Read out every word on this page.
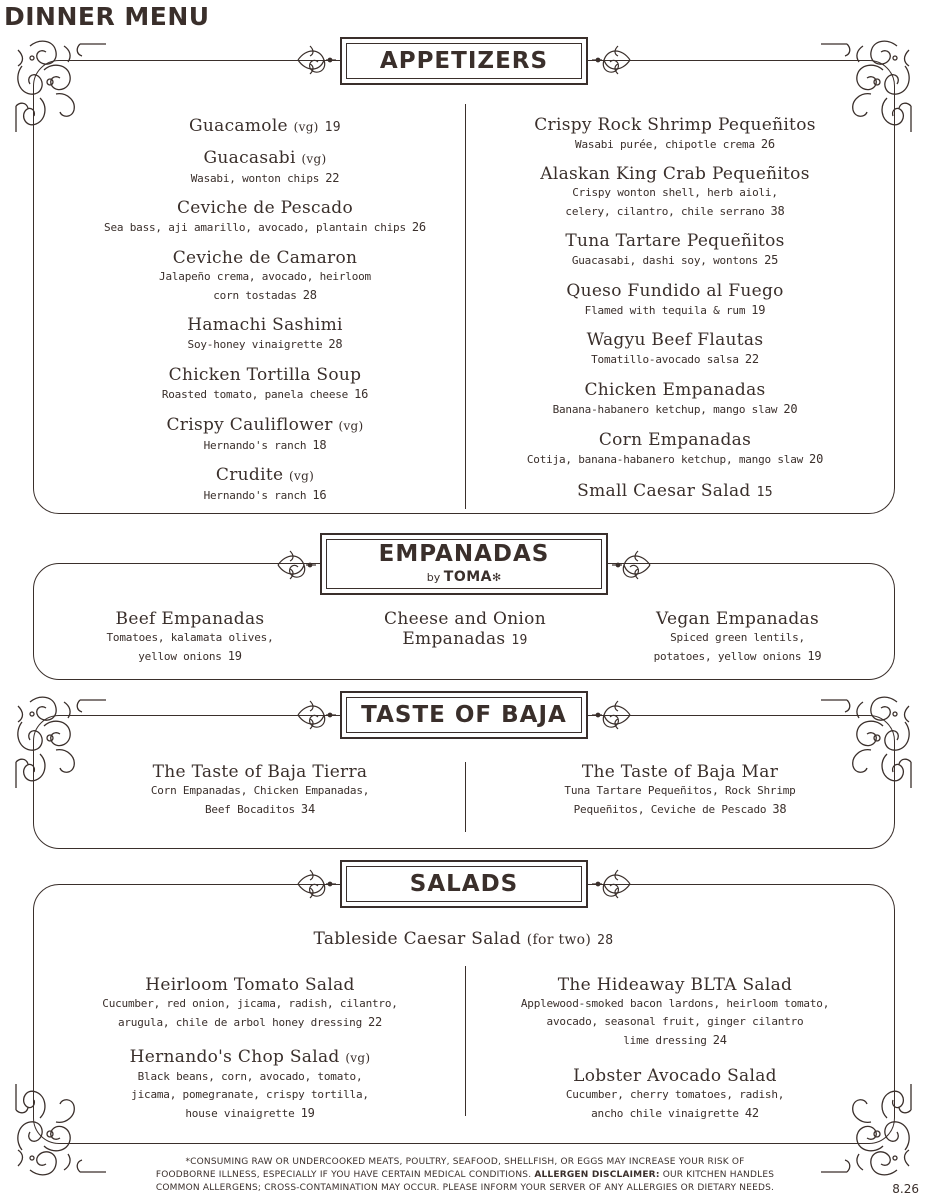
DINNER MENU
8.26
APPETIZERS
Guacamole (vg) 19
Guacasabi (vg)
Wasabi, wonton chips 22
Ceviche de Pescado
Sea bass, aji amarillo, avocado, plantain chips 26
Ceviche de Camaron
Jalapeño crema, avocado, heirloom
corn tostadas 28
Hamachi Sashimi
Soy-honey vinaigrette 28
Chicken Tortilla Soup
Roasted tomato, panela cheese 16
Crispy Cauliflower (vg)
Hernando's ranch 18
Crudite (vg)
Hernando's ranch 16
Crispy Rock Shrimp Pequeñitos
Wasabi purée, chipotle crema 26
Alaskan King Crab Pequeñitos
Crispy wonton shell, herb aioli,
celery, cilantro, chile serrano 38
Tuna Tartare Pequeñitos
Guacasabi, dashi soy, wontons 25
Queso Fundido al Fuego
Flamed with tequila & rum 19
Wagyu Beef Flautas
Tomatillo-avocado salsa 22
Chicken Empanadas
Banana-habanero ketchup, mango slaw 20
Corn Empanadas
Cotija, banana-habanero ketchup, mango slaw 20
Small Caesar Salad 15
EMPANADAS
by TOMA✻
Beef Empanadas
Tomatoes, kalamata olives,
yellow onions 19
Cheese and Onion
Empanadas 19
Vegan Empanadas
Spiced green lentils,
potatoes, yellow onions 19
TASTE OF BAJA
The Taste of Baja Tierra
Corn Empanadas, Chicken Empanadas,
Beef Bocaditos 34
The Taste of Baja Mar
Tuna Tartare Pequeñitos, Rock Shrimp
Pequeñitos, Ceviche de Pescado 38
SALADS
Tableside Caesar Salad (for two) 28
Heirloom Tomato Salad
Cucumber, red onion, jicama, radish, cilantro,
arugula, chile de arbol honey dressing 22
Hernando's Chop Salad (vg)
Black beans, corn, avocado, tomato,
jicama, pomegranate, crispy tortilla,
house vinaigrette 19
The Hideaway BLTA Salad
Applewood-smoked bacon lardons, heirloom tomato,
avocado, seasonal fruit, ginger cilantro
lime dressing 24
Lobster Avocado Salad
Cucumber, cherry tomatoes, radish,
ancho chile vinaigrette 42
*CONSUMING RAW OR UNDERCOOKED MEATS, POULTRY, SEAFOOD, SHELLFISH, OR EGGS MAY INCREASE YOUR RISK OF
FOODBORNE ILLNESS, ESPECIALLY IF YOU HAVE CERTAIN MEDICAL CONDITIONS. ALLERGEN DISCLAIMER: OUR KITCHEN HANDLES
COMMON ALLERGENS; CROSS-CONTAMINATION MAY OCCUR. PLEASE INFORM YOUR SERVER OF ANY ALLERGIES OR DIETARY NEEDS.
